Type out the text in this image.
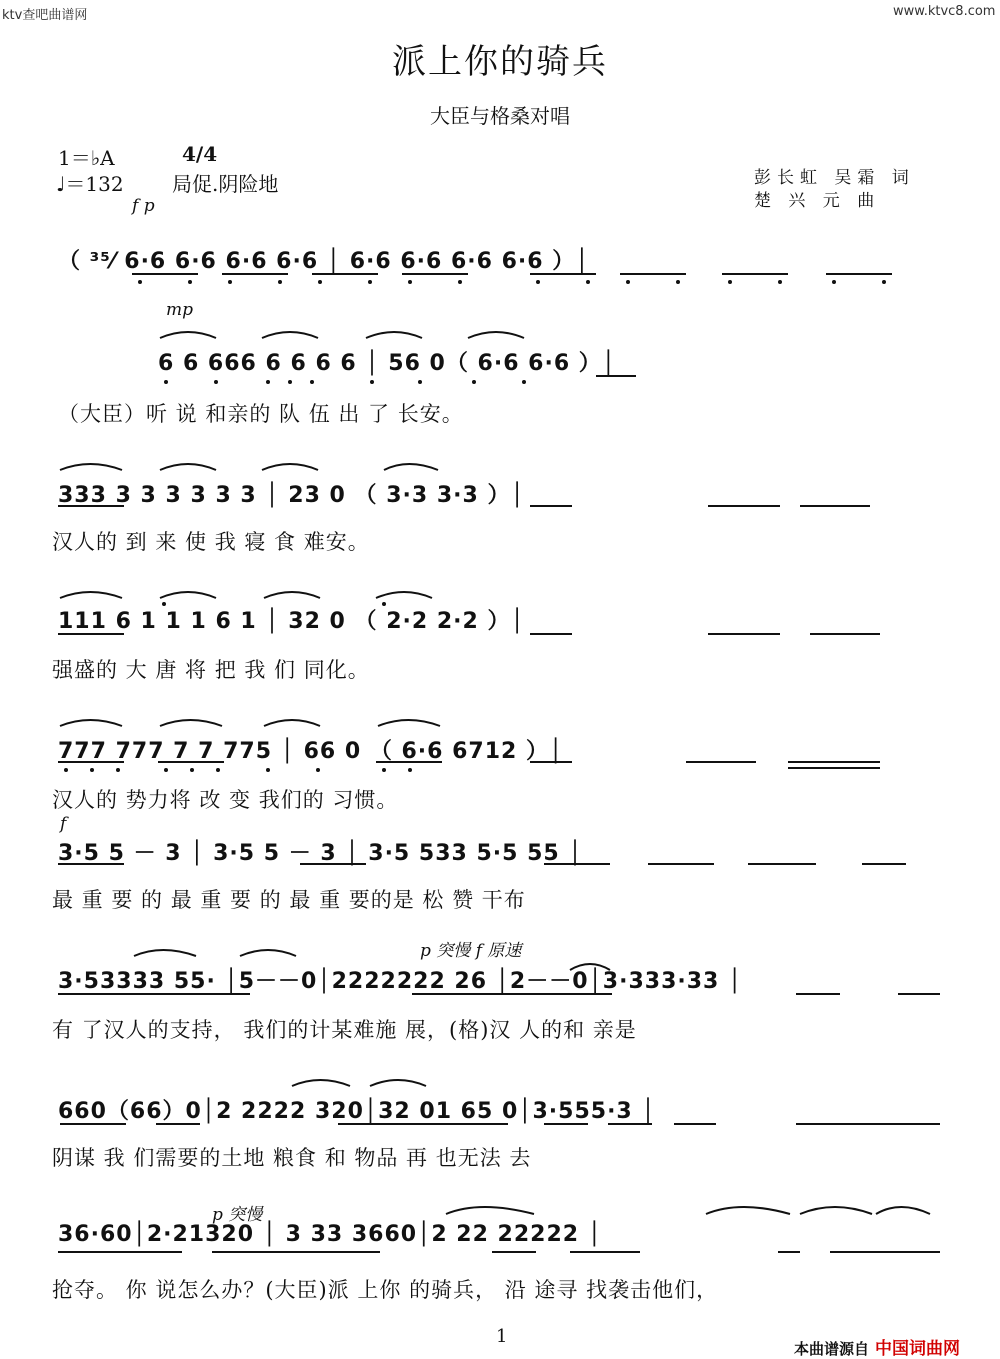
ktv查吧曲谱网	www.ktvc8.com
派上你的骑兵
大臣与格桑对唱
1＝♭A	4/4
♩＝132 局促.阴险地	彭长虹 吴霜 词
楚 兴 元 曲
f p
（ ³⁵⁄ 6·6 6·6 6·6 6·6 │ 6·6 6·6 6·6 6·6 ）│
mp
6 6 666 6 6 6 6 │ 56 0（ 6·6 6·6 ）│
（大臣）听 说 和亲的 队 伍 出 了 长安。
333 3 3 3 3 3 3 │ 23 0 （ 3·3 3·3 ）│
汉人的 到 来 使 我 寝 食 难安。
111 6 1 1 1 6 1 │ 32 0 （ 2·2 2·2 ）│
强盛的 大 唐 将 把 我 们 同化。
777 777 7 7 775 │ 66 0 （ 6·6 6712 ）│
汉人的 势力将 改 变 我们的 习惯。
f
3·5 5 － 3 │ 3·5 5 － 3 │ 3·5 533 5·5 55 │
最 重 要 的 最 重 要 的 最 重 要的是 松 赞 干布
p 突慢 f 原速
3·53333 55· │5－－0│2222222 26 │2－－0│3·333·33 │
有 了汉人的支持， 我们的计某难施 展，(格)汉 人的和 亲是
660（66）0│2 2222 320│32 01 65 0│3·555·3 │
阴谋 我 们需要的土地 粮食 和 物品 再 也无法 去
p 突慢
36·60│2·21320 │ 3 33 3660│2 22 22222 │
抢夺。 你 说怎么办？(大臣)派 上你 的骑兵， 沿 途寻 找袭击他们，
1
本曲谱源自 中国词曲网
